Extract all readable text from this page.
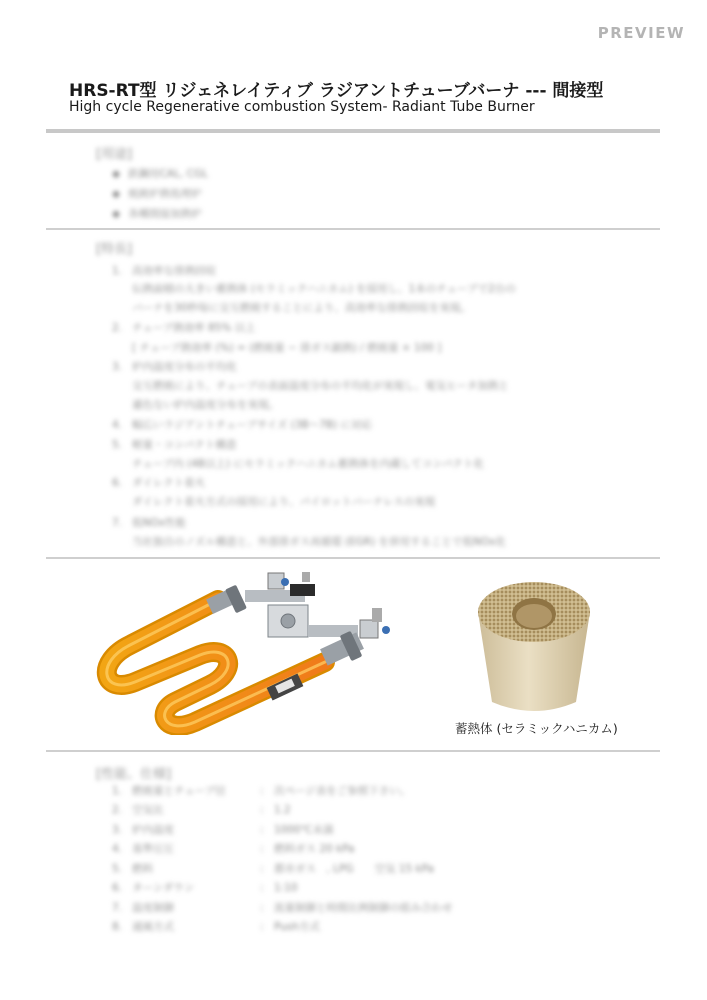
PREVIEW
HRS-RT型 リジェネレイティブ ラジアントチューブバーナ --- 間接型
High cycle Regenerative combustion System- Radiant Tube Burner
[用途]
◆ 鉄鋼用CAL, CGL
◆ 焼鈍炉熱処理炉
◆ 各種間接加熱炉
[特長]
1. 高効率な排熱回収
伝熱面積の大きい蓄熱体 (セラミックハニカム) を採用し、1本のチューブで2台の
バーナを30秒毎に交互燃焼することにより、高効率な排熱回収を実現。
2. チューブ熱効率 85% 以上
[ チューブ熱効率 (%) = (燃焼量 − 排ガス顕熱) / 燃焼量 × 100 ]
3. 炉内温度分布の平均化
交互燃焼により、チューブの表面温度分布の平均化が実現し、電気ヒータ加熱と
遜色ない炉内温度分布を実現。
4. 幅広いラジアントチューブサイズ (3B〜7B) に対応
5. 軽量・コンパクト構造
チューブ内 (4B以上) にセラミックハニカム蓄熱体を内蔵してコンパクト化
6. ダイレクト着火
ダイレクト着火方式の採用により、パイロットバーナレスの実現
7. 低NOx性能
当社独自のノズル構造と、外部排ガス再循環 (EGR) を併用することで低NOx化
蓄熱体 (セラミックハニカム)
[性能、仕様]
1. 燃焼量とチューブ径	: 次ページ表をご参照下さい。
2. 空気比	: 1.2
3. 炉内温度	: 1000℃未満
4. 基準圧圧	: 燃料ガス 20 kPa
5. 燃料	: 都市ガス　, LPG　　空気 15 kPa
6. ターンダウン	: 1:10
7. 温度制御	: 流量制御と時間比例制御の組み合わせ
8. 通風方式	: Push方式
